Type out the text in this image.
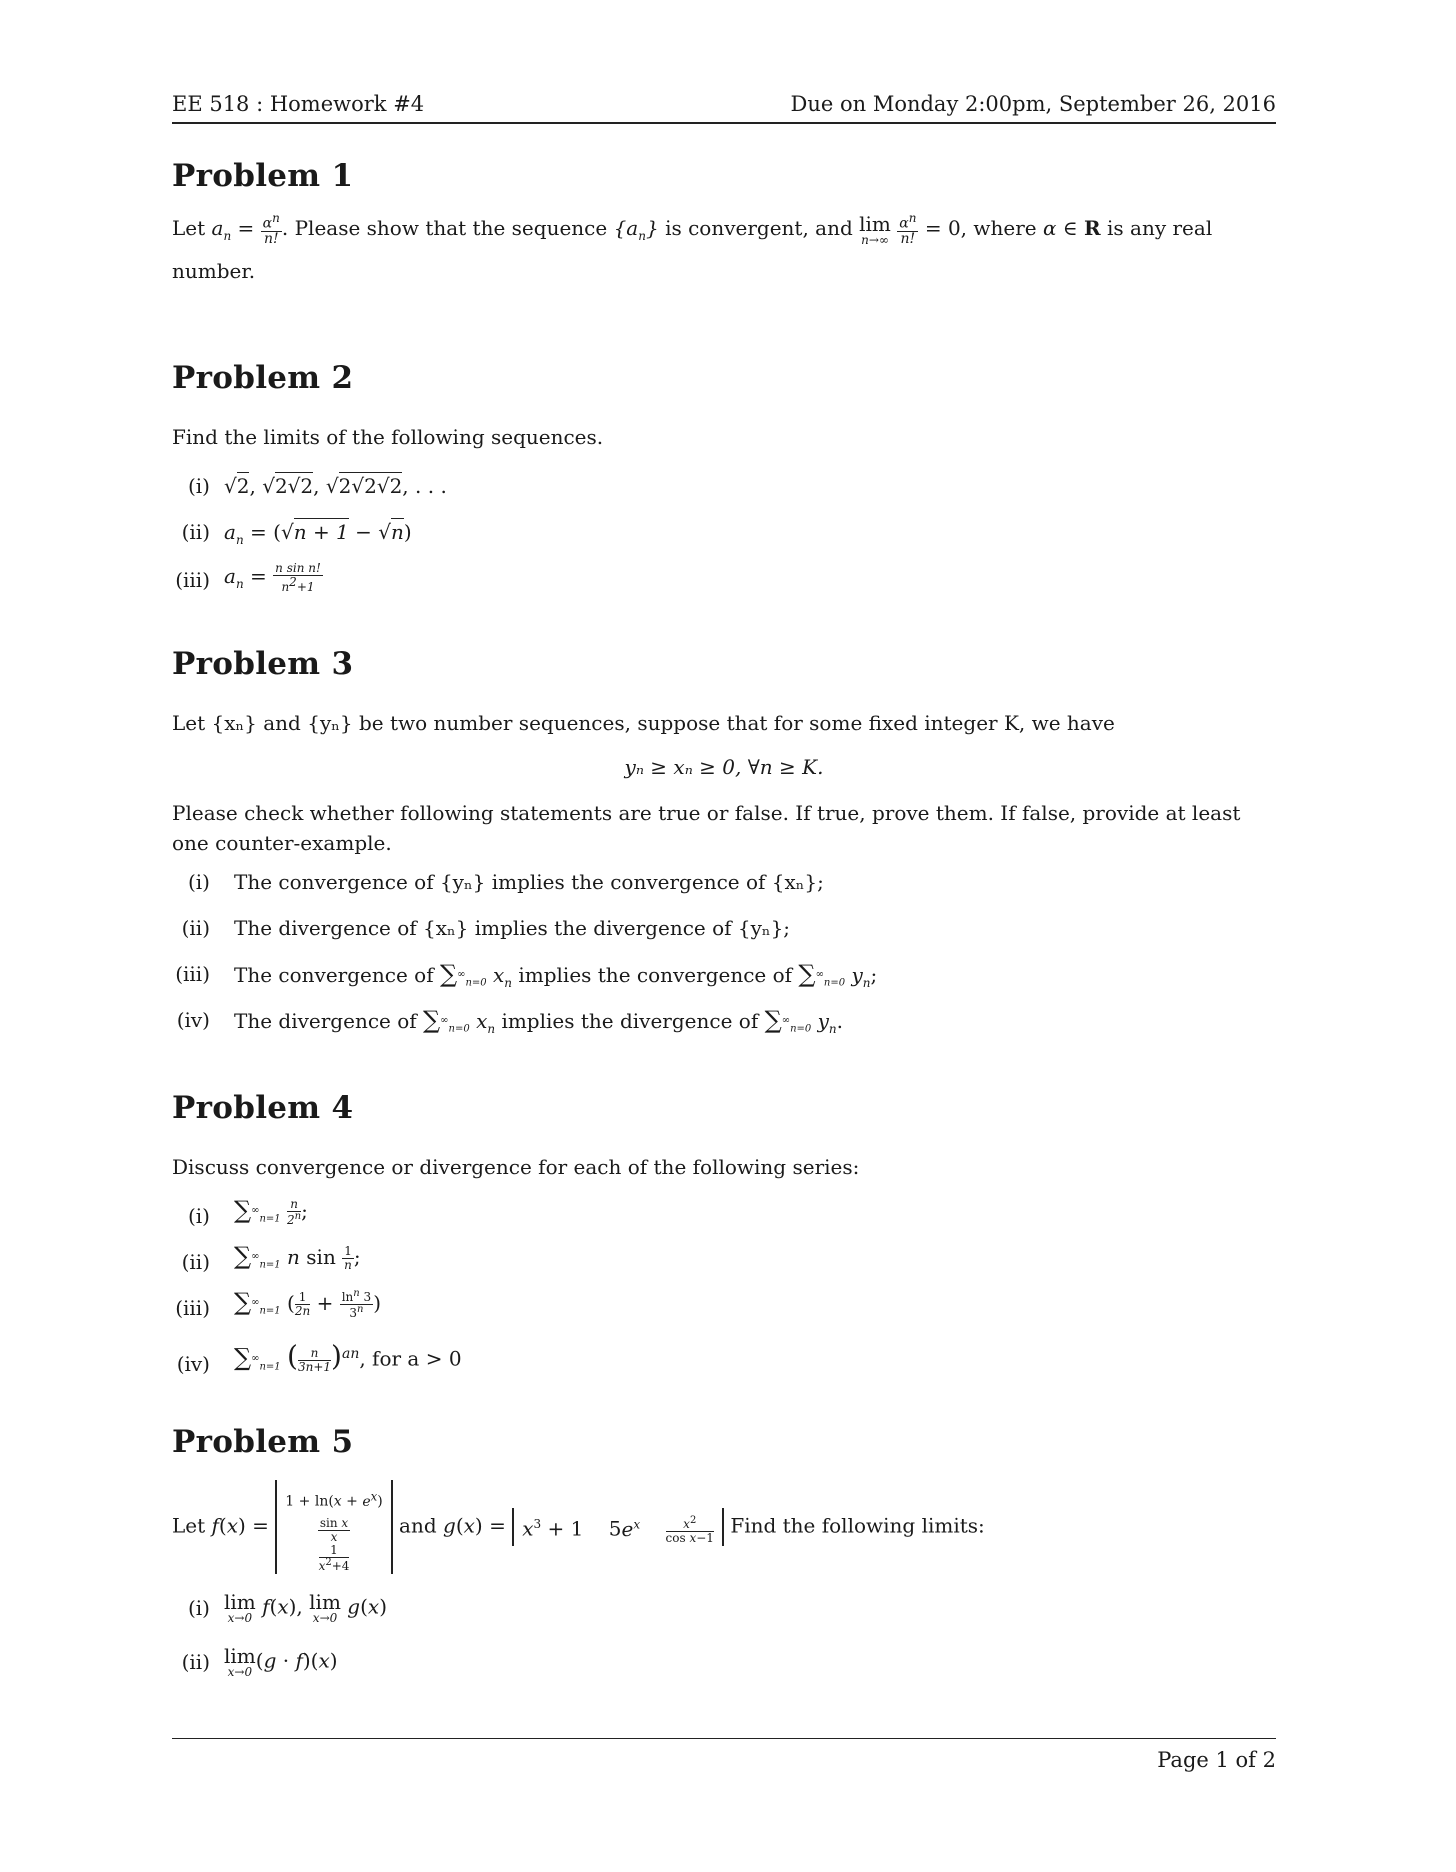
EE 518 : Homework #4	Due on Monday 2:00pm, September 26, 2016
Problem 1
Let $a_n = \frac{\alpha^n}{n!}$ . Please show that the sequence $\{a_n\}$ is convergent, and lim
n→∞
$\frac{\alpha^n}{n!} = 0$, where α ∈ R is any real
number.
Problem 2
Find the limits of the following sequences.
(i) √2, √2√2, √2√2√2, . . .
(ii) $a_n = (√n + 1 - √n)$
(iii) $a_n = \frac{\text{n sin n!}}{n^2+1}$
Problem 3
Let {xₙ} and {yₙ} be two number sequences, suppose that for some fixed integer K, we have
yₙ ≥ xₙ ≥ 0, ∀n ≥ K.
Please check whether following statements are true or false. If true, prove them. If false, provide at least one counter-example.
(i) The convergence of {yₙ} implies the convergence of {xₙ};
(ii) The divergence of {xₙ} implies the divergence of {yₙ};
(iii) The convergence of $\sum^\infty_{n=0}$ $x_n$ implies the convergence of $\sum^\infty_{n=0}$ $y_n$;
(iv) The divergence of $\sum^\infty_{n=0}$ $x_n$ implies the divergence of $\sum^\infty_{n=0}$ $y_n$.
Problem 4
Discuss convergence or divergence for each of the following series:
(i) $\sum^\infty_{n=1} \frac{n}{2^n}$ ;
(ii) $\sum^\infty_{n=1}$ n $\sin \frac{1}{n}$ ;
(iii) $\sum^\infty_{n=1}$ ( $\frac{1}{2n} + \frac{\ln^n 3}{3^n}$ )
(iv) $\sum^\infty_{n=1}$ ( $\frac{n}{3n+1} )^{an}$, for a > 0
Problem 5
Let f(x) =
$1 + \ln(x + e^x)$
$\frac{\text{sin x}}{x}$
$\frac{1}{x^2+4}$
and $g(x) = x^3 + 1$    $5e^x \frac{x^2}{\text{cos x−1}}$ Find the following limits:
(i) lim
x→0 f(x), lim
x→0 g(x)
(ii) lim
x→0 (g · f)(x)
Page 1 of 2
